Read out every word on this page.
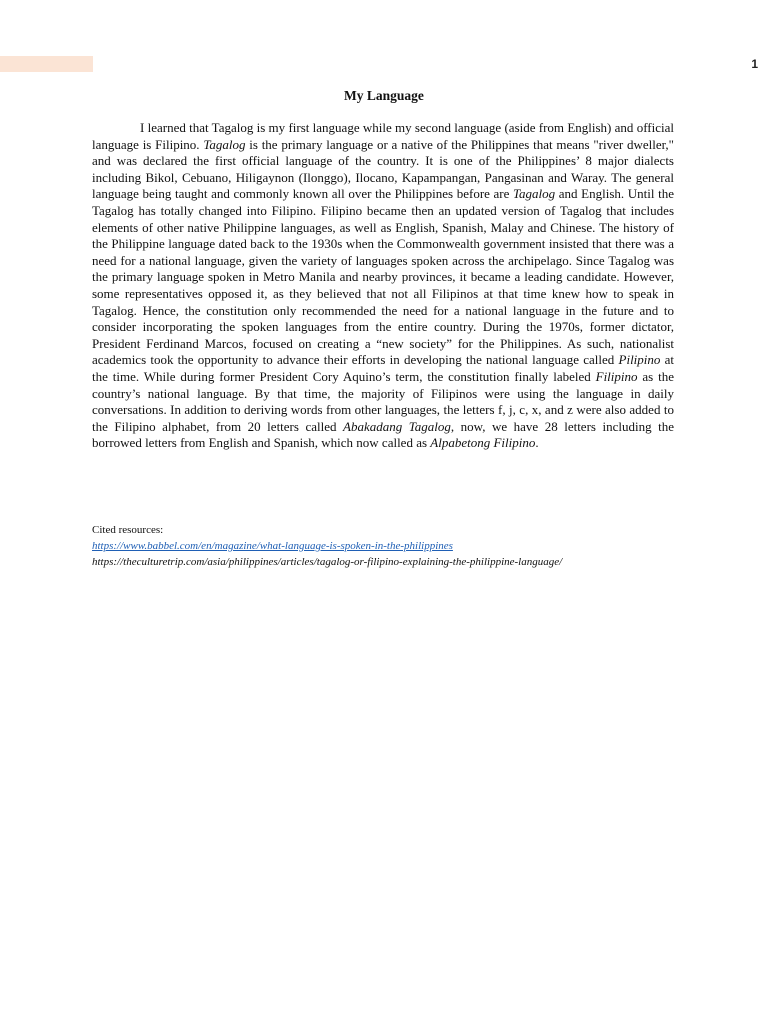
1
My Language

I learned that Tagalog is my first language while my second language (aside from English) and official language is Filipino. Tagalog is the primary language or a native of the Philippines that means "river dweller," and was declared the first official language of the country. It is one of the Philippines’ 8 major dialects including Bikol, Cebuano, Hiligaynon (Ilonggo), Ilocano, Kapampangan, Pangasinan and Waray. The general language being taught and commonly known all over the Philippines before are Tagalog and English. Until the Tagalog has totally changed into Filipino. Filipino became then an updated version of Tagalog that includes elements of other native Philippine languages, as well as English, Spanish, Malay and Chinese. The history of the Philippine language dated back to the 1930s when the Commonwealth government insisted that there was a need for a national language, given the variety of languages spoken across the archipelago. Since Tagalog was the primary language spoken in Metro Manila and nearby provinces, it became a leading candidate. However, some representatives opposed it, as they believed that not all Filipinos at that time knew how to speak in Tagalog. Hence, the constitution only recommended the need for a national language in the future and to consider incorporating the spoken languages from the entire country. During the 1970s, former dictator, President Ferdinand Marcos, focused on creating a “new society” for the Philippines. As such, nationalist academics took the opportunity to advance their efforts in developing the national language called Pilipino at the time. While during former President Cory Aquino’s term, the constitution finally labeled Filipino as the country’s national language. By that time, the majority of Filipinos were using the language in daily conversations. In addition to deriving words from other languages, the letters f, j, c, x, and z were also added to the Filipino alphabet, from 20 letters called Abakadang Tagalog, now, we have 28 letters including the borrowed letters from English and Spanish, which now called as Alpabetong Filipino.

Cited resources:
https://www.babbel.com/en/magazine/what-language-is-spoken-in-the-philippines
https://theculturetrip.com/asia/philippines/articles/tagalog-or-filipino-explaining-the-philippine-language/
